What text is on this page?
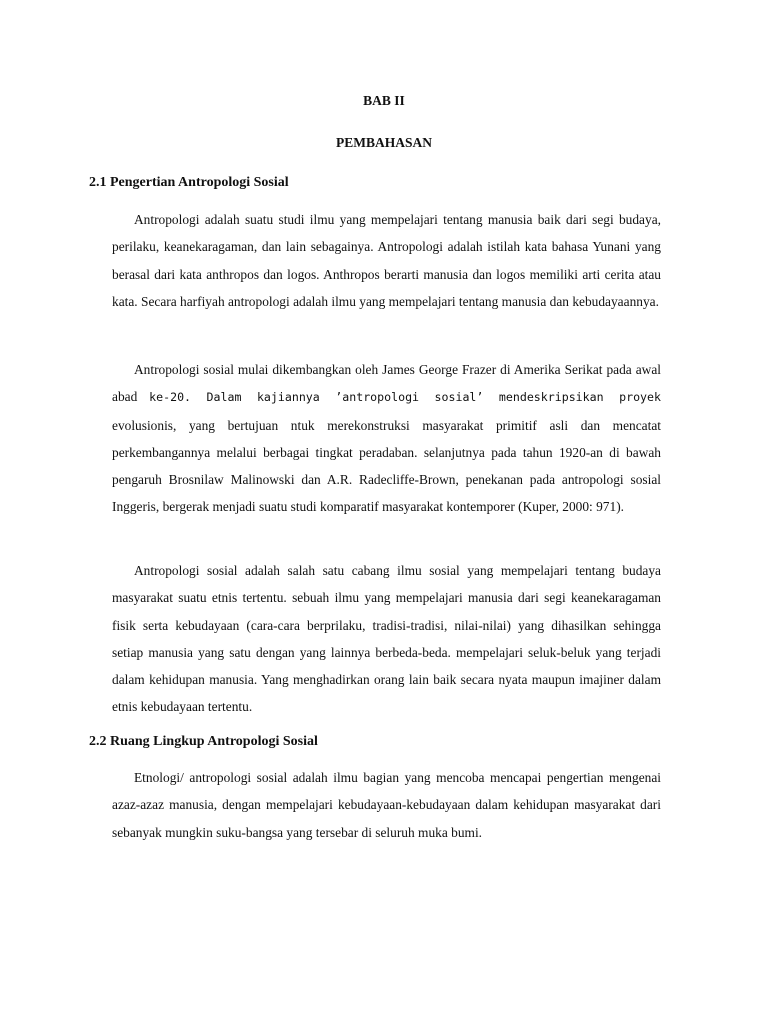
BAB II
PEMBAHASAN
2.1 Pengertian Antropologi Sosial

Antropologi adalah suatu studi ilmu yang mempelajari tentang manusia baik dari segi budaya, perilaku, keanekaragaman, dan lain sebagainya. Antropologi adalah istilah kata bahasa Yunani yang berasal dari kata anthropos dan logos. Anthropos berarti manusia dan logos memiliki arti cerita atau kata. Secara harfiyah antropologi adalah ilmu yang mempelajari tentang manusia dan kebudayaannya.

Antropologi sosial mulai dikembangkan oleh James George Frazer di Amerika Serikat pada awal abad ke-20. Dalam kajiannya ’antropologi sosial’ mendeskripsikan proyek evolusionis, yang bertujuan ntuk merekonstruksi masyarakat primitif asli dan mencatat perkembangannya melalui berbagai tingkat peradaban. selanjutnya pada tahun 1920-an di bawah pengaruh Brosnilaw Malinowski dan A.R. Radecliffe-Brown, penekanan pada antropologi sosial Inggeris, bergerak menjadi suatu studi komparatif masyarakat kontemporer (Kuper, 2000: 971).

Antropologi sosial adalah salah satu cabang ilmu sosial yang mempelajari tentang budaya masyarakat suatu etnis tertentu. sebuah ilmu yang mempelajari manusia dari segi keanekaragaman fisik serta kebudayaan (cara-cara berprilaku, tradisi-tradisi, nilai-nilai) yang dihasilkan sehingga setiap manusia yang satu dengan yang lainnya berbeda-beda. mempelajari seluk-beluk yang terjadi dalam kehidupan manusia. Yang menghadirkan orang lain baik secara nyata maupun imajiner dalam etnis kebudayaan tertentu.

2.2 Ruang Lingkup Antropologi Sosial

Etnologi/ antropologi sosial adalah ilmu bagian yang mencoba mencapai pengertian mengenai azaz-azaz manusia, dengan mempelajari kebudayaan-kebudayaan dalam kehidupan masyarakat dari sebanyak mungkin suku-bangsa yang tersebar di seluruh muka bumi.
